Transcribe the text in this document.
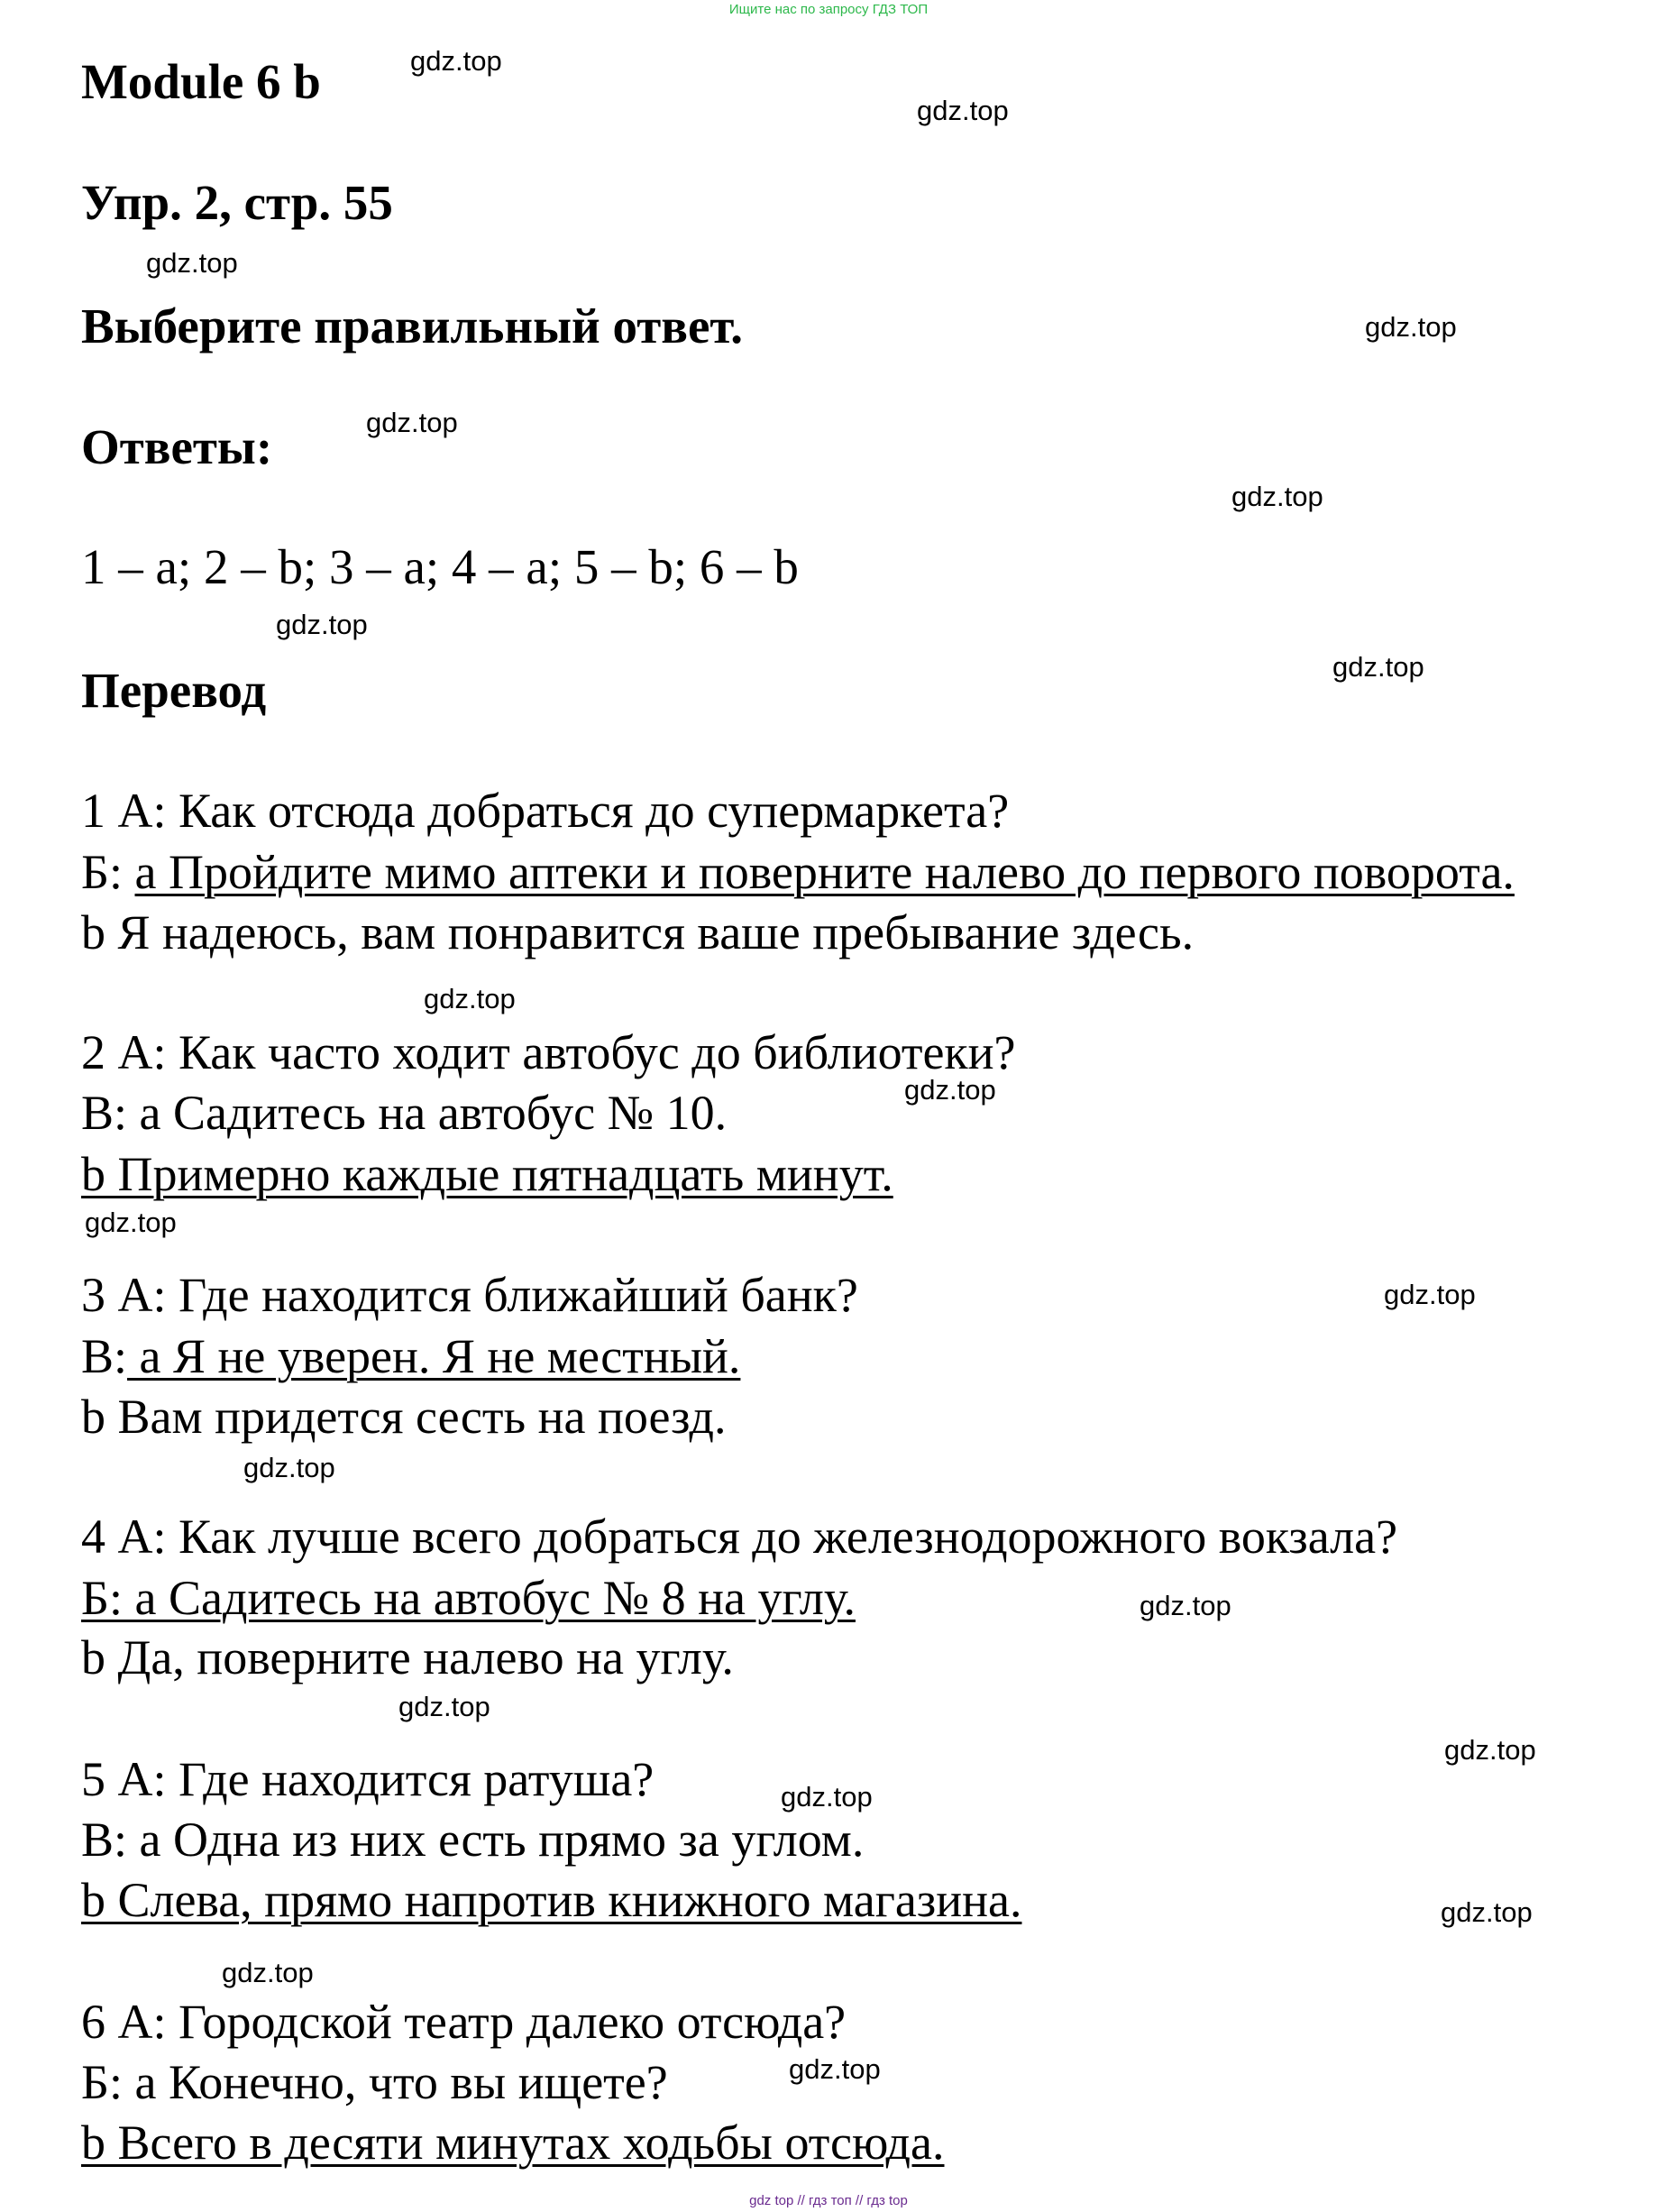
Ищите нас по запросу ГДЗ ТОП
Module 6 b
Упр. 2, стр. 55
Выберите правильный ответ.
Ответы:
1 – a; 2 – b; 3 – a; 4 – a; 5 – b; 6 – b
Перевод
1 А: Как отсюда добраться до супермаркета?
Б: a Пройдите мимо аптеки и поверните налево до первого поворота.
b Я надеюсь, вам понравится ваше пребывание здесь.
2 А: Как часто ходит автобус до библиотеки?
В: a Садитесь на автобус № 10.
b Примерно каждые пятнадцать минут.
3 А: Где находится ближайший банк?
В: a Я не уверен. Я не местный.
b Вам придется сесть на поезд.
4 А: Как лучше всего добраться до железнодорожного вокзала?
Б: a Садитесь на автобус № 8 на углу.
b Да, поверните налево на углу.
5 А: Где находится ратуша?
В: a Одна из них есть прямо за углом.
b Слева, прямо напротив книжного магазина.
6 А: Городской театр далеко отсюда?
Б: a Конечно, что вы ищете?
b Всего в десяти минутах ходьбы отсюда.
gdz.top
gdz.top
gdz.top
gdz.top
gdz.top
gdz.top
gdz.top
gdz.top
gdz.top
gdz.top
gdz.top
gdz.top
gdz.top
gdz.top
gdz.top
gdz.top
gdz.top
gdz.top
gdz.top
gdz.top
gdz top // гдз топ // гдз top
